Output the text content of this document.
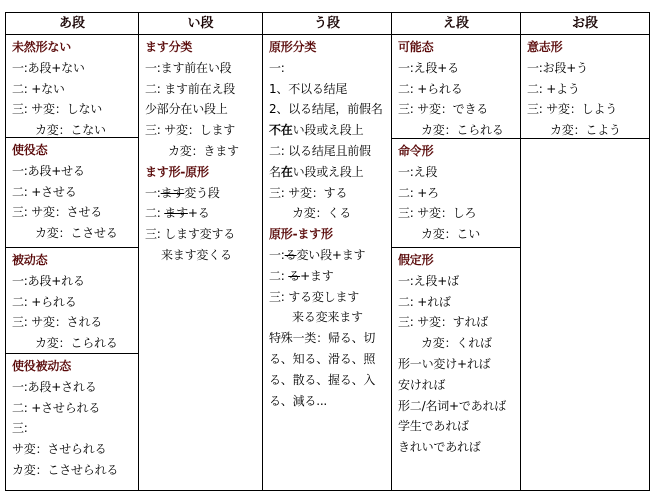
あ段
未然形ない
一:あ段+ない
二: +ない
三: サ変：しない
カ変：こない
使役态
一:あ段+せる
二: +させる
三: サ変：させる
カ変：こさせる
被动态
一:あ段+れる
二: +られる
三: サ変：される
カ変：こられる
使役被动态
一:あ段+される
二: +させられる
三:
サ変：させられる
カ変：こさせられる
い段
ます分类
一:ます前在い段
二: ます前在え段
少部分在い段上
三: サ変：します
カ変：きます
ます形-原形
一:ます変う段
二: ます+る
三: します変する
来ます変くる
う段
原形分类
一:
1、不以る结尾
2、以る结尾，前假名
不在い段或え段上
二: 以る结尾且前假
名在い段或え段上
三: サ変：する
カ変：くる
原形-ます形
一:る変い段+ます
二: る+ます
三: する変します
来る変来ます
特殊一类：帰る、切
る、知る、滑る、照
る、散る、握る、入
る、減る...
え段
可能态
一:え段+る
二: +られる
三: サ変：できる
カ変：こられる
命令形
一:え段
二: +ろ
三: サ変：しろ
カ変：こい
假定形
一:え段+ば
二: +れば
三: サ変：すれば
カ変：くれば
形一い変け+れば
安ければ
形二/名词+であれば
学生であれば
きれいであれば
お段
意志形
一:お段+う
二: +よう
三: サ変：しよう
カ変：こよう
